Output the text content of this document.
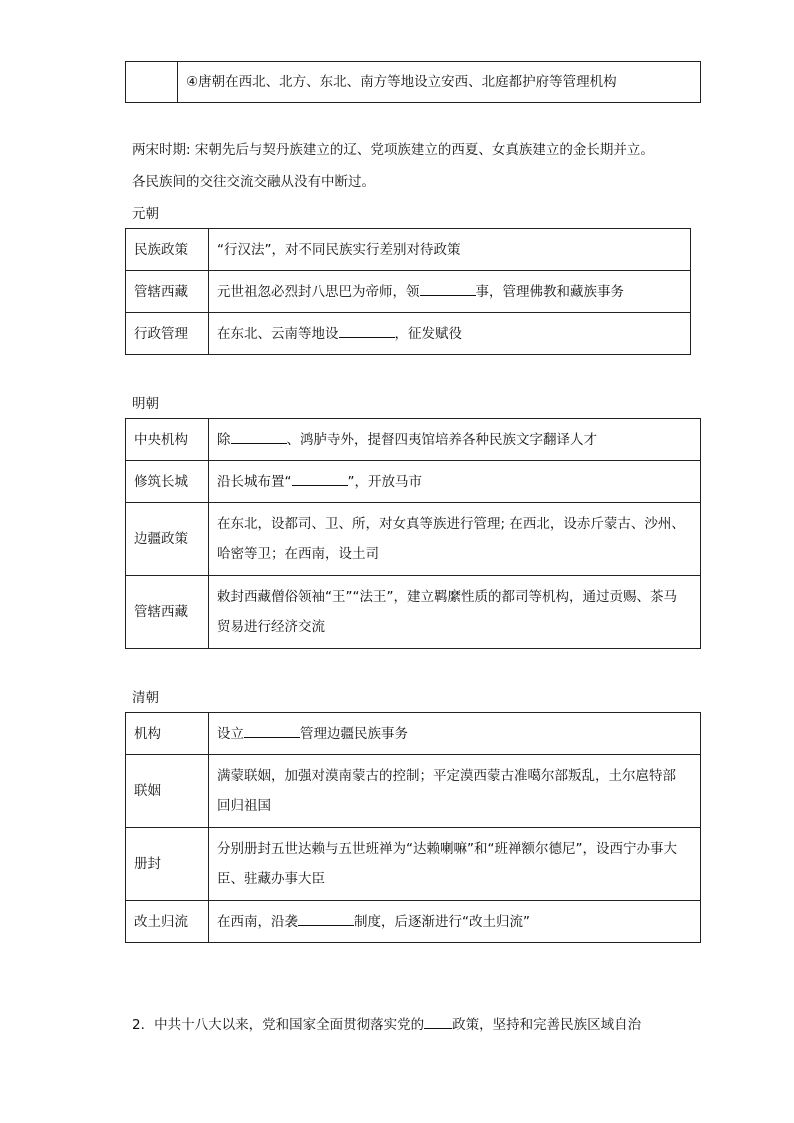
	④唐朝在西北、北方、东北、南方等地设立安西、北庭都护府等管理机构
两宋时期: 宋朝先后与契丹族建立的辽、党项族建立的西夏、女真族建立的金长期并立。
各民族间的交往交流交融从没有中断过。
元朝
民族政策	“行汉法”，对不同民族实行差别对待政策
管辖西藏	元世祖忽必烈封八思巴为帝师，领 事，管理佛教和藏族事务
行政管理	在东北、云南等地设 ，征发赋役
明朝
中央机构	除 、鸿胪寺外，提督四夷馆培养各种民族文字翻译人才
修筑长城	沿长城布置“ ”，开放马市
边疆政策	在东北，设都司、卫、所，对女真等族进行管理; 在西北，设赤斤蒙古、沙州、
哈密等卫；在西南，设土司

管辖西藏	敕封西藏僧俗领袖“王”“法王”，建立羁縻性质的都司等机构，通过贡赐、茶马
贸易进行经济交流
清朝
机构	设立 管理边疆民族事务
联姻	满蒙联姻，加强对漠南蒙古的控制；平定漠西蒙古准噶尔部叛乱，土尔扈特部
回归祖国

册封	分别册封五世达赖与五世班禅为“达赖喇嘛”和“班禅额尔德尼”，设西宁办事大
臣、驻藏办事大臣

改土归流	在西南，沿袭 制度，后逐渐进行“改土归流”
2．中共十八大以来，党和国家全面贯彻落实党的 政策，坚持和完善民族区域自治
